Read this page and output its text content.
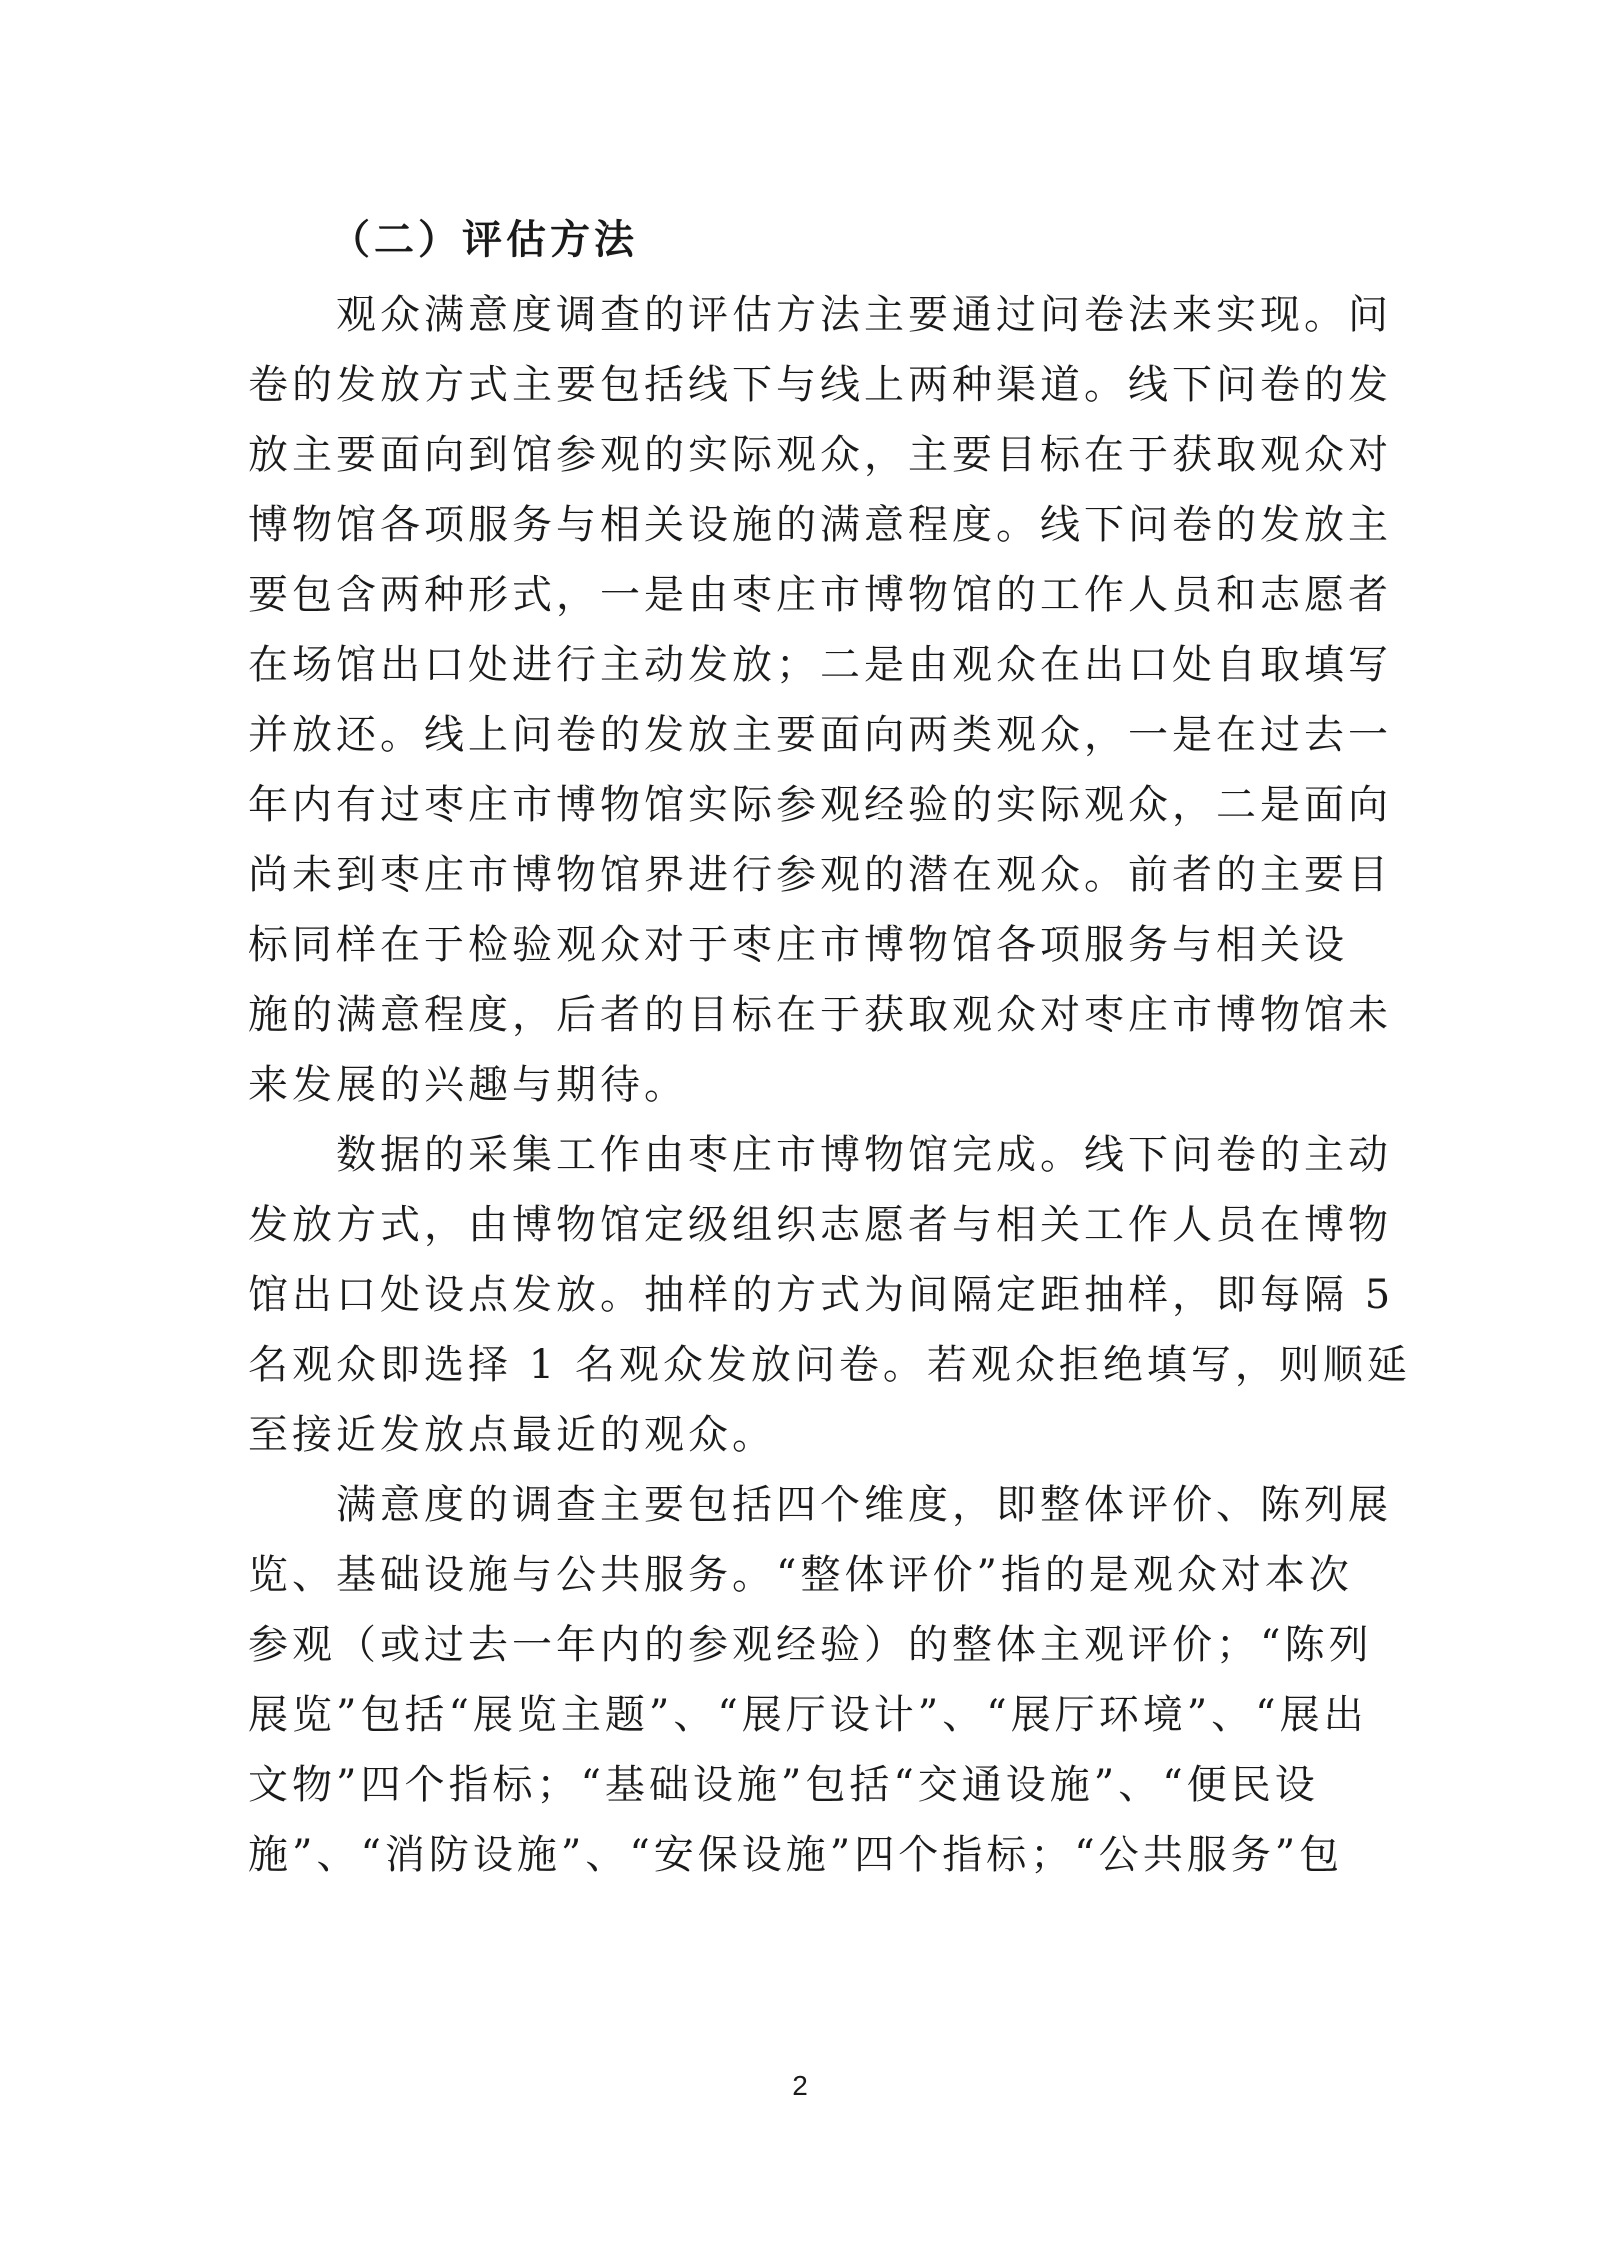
（二）评估方法
　　观众满意度调查的评估方法主要通过问卷法来实现。问
卷的发放方式主要包括线下与线上两种渠道。线下问卷的发
放主要面向到馆参观的实际观众，主要目标在于获取观众对
博物馆各项服务与相关设施的满意程度。线下问卷的发放主
要包含两种形式，一是由枣庄市博物馆的工作人员和志愿者
在场馆出口处进行主动发放；二是由观众在出口处自取填写
并放还。线上问卷的发放主要面向两类观众，一是在过去一
年内有过枣庄市博物馆实际参观经验的实际观众，二是面向
尚未到枣庄市博物馆界进行参观的潜在观众。前者的主要目
标同样在于检验观众对于枣庄市博物馆各项服务与相关设
施的满意程度，后者的目标在于获取观众对枣庄市博物馆未
来发展的兴趣与期待。
　　数据的采集工作由枣庄市博物馆完成。线下问卷的主动
发放方式，由博物馆定级组织志愿者与相关工作人员在博物
馆出口处设点发放。抽样的方式为间隔定距抽样，即每隔 5
名观众即选择 1 名观众发放问卷。若观众拒绝填写，则顺延
至接近发放点最近的观众。
　　满意度的调查主要包括四个维度，即整体评价、陈列展
览、基础设施与公共服务。“整体评价”指的是观众对本次
参观（或过去一年内的参观经验）的整体主观评价；“陈列
展览”包括“展览主题”、“展厅设计”、“展厅环境”、“展出
文物”四个指标；“基础设施”包括“交通设施”、“便民设
施”、“消防设施”、“安保设施”四个指标；“公共服务”包
2
